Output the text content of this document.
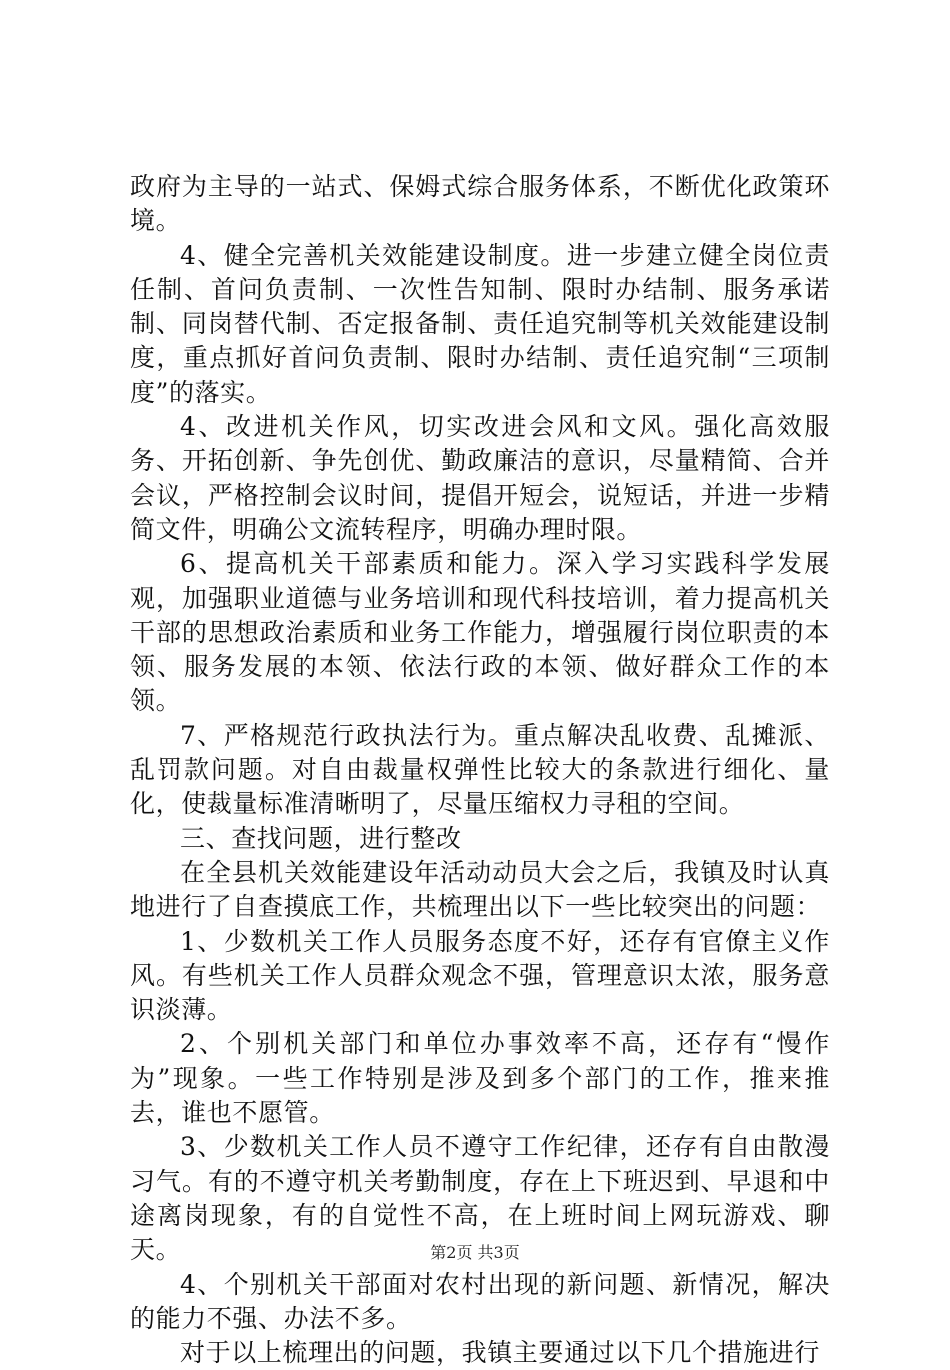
政府为主导的一站式、保姆式综合服务体系，不断优化政策环境。

4、健全完善机关效能建设制度。进一步建立健全岗位责任制、首问负责制、一次性告知制、限时办结制、服务承诺制、同岗替代制、否定报备制、责任追究制等机关效能建设制度，重点抓好首问负责制、限时办结制、责任追究制“三项制度”的落实。

4、改进机关作风，切实改进会风和文风。强化高效服务、开拓创新、争先创优、勤政廉洁的意识，尽量精简、合并会议，严格控制会议时间，提倡开短会，说短话，并进一步精简文件，明确公文流转程序，明确办理时限。

6、提高机关干部素质和能力。深入学习实践科学发展观，加强职业道德与业务培训和现代科技培训，着力提高机关干部的思想政治素质和业务工作能力，增强履行岗位职责的本领、服务发展的本领、依法行政的本领、做好群众工作的本领。

7、严格规范行政执法行为。重点解决乱收费、乱摊派、乱罚款问题。对自由裁量权弹性比较大的条款进行细化、量化，使裁量标准清晰明了，尽量压缩权力寻租的空间。

三、查找问题，进行整改

在全县机关效能建设年活动动员大会之后，我镇及时认真地进行了自查摸底工作，共梳理出以下一些比较突出的问题：

1、少数机关工作人员服务态度不好，还存有官僚主义作风。有些机关工作人员群众观念不强，管理意识太浓，服务意识淡薄。

2、个别机关部门和单位办事效率不高，还存有“慢作为”现象。一些工作特别是涉及到多个部门的工作，推来推去，谁也不愿管。

3、少数机关工作人员不遵守工作纪律，还存有自由散漫习气。有的不遵守机关考勤制度，存在上下班迟到、早退和中途离岗现象，有的自觉性不高，在上班时间上网玩游戏、聊天。

4、个别机关干部面对农村出现的新问题、新情况，解决的能力不强、办法不多。

对于以上梳理出的问题，我镇主要通过以下几个措施进行

第2页 共3页
